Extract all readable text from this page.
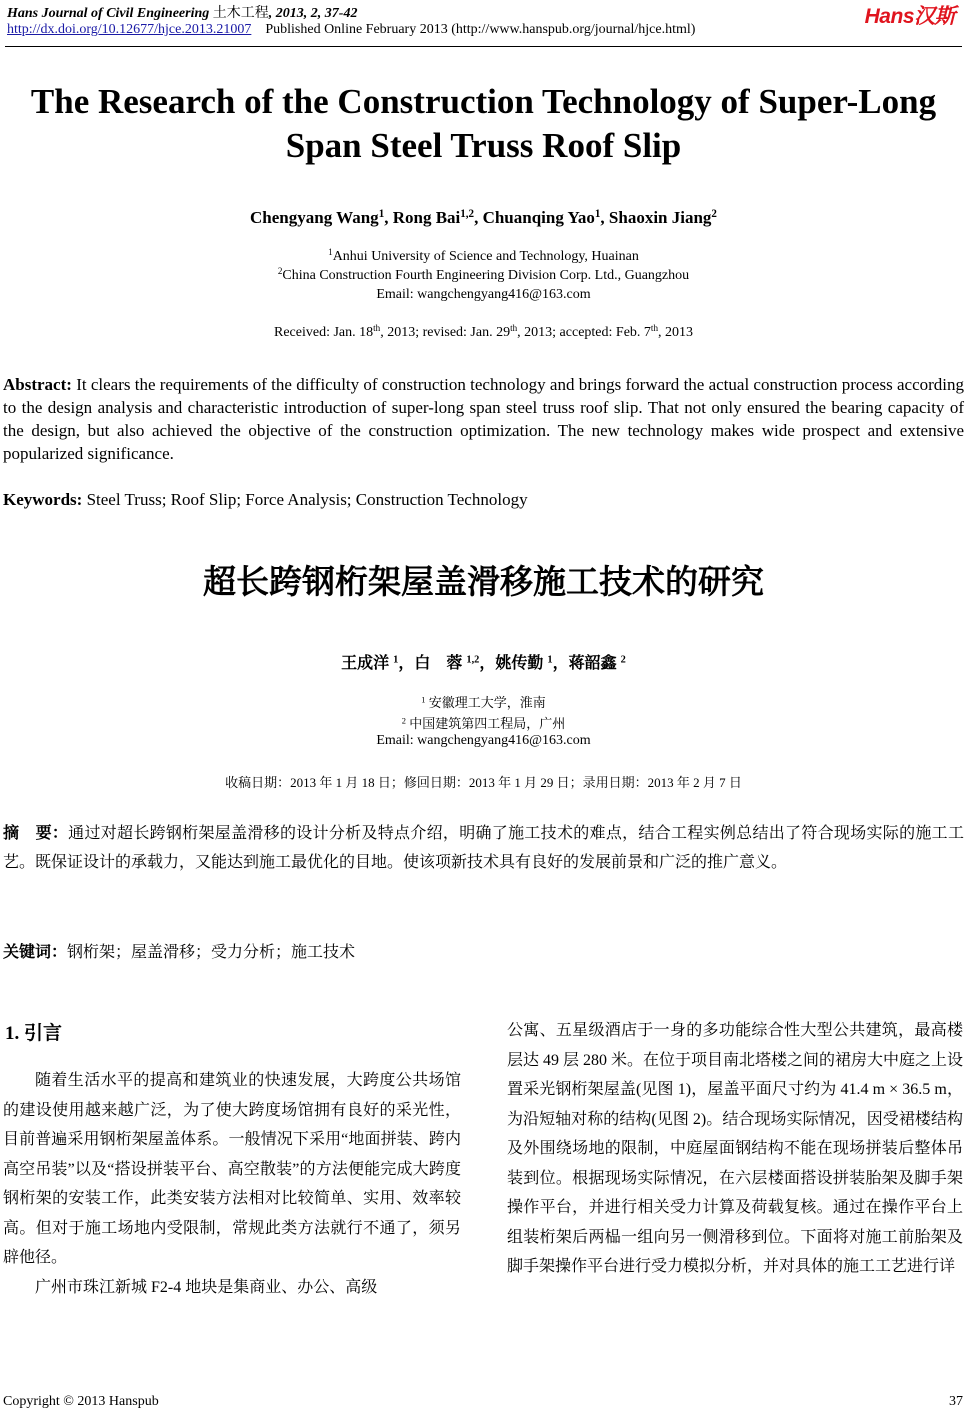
Hans Journal of Civil Engineering 土木工程, 2013, 2, 37-42
http://dx.doi.org/10.12677/hjce.2013.21007 Published Online February 2013 (http://www.hanspub.org/journal/hjce.html)
Hans汉斯
The Research of the Construction Technology of Super-Long Span Steel Truss Roof Slip
Chengyang Wang$^1$, Rong Bai$^{1,2}$, Chuanqing Yao$^1$, Shaoxin Jiang$^2$
$^1$Anhui University of Science and Technology, Huainan
$^2$China Construction Fourth Engineering Division Corp. Ltd., Guangzhou
Email: wangchengyang416@163.com
Received: Jan. 18th, 2013; revised: Jan. 29th, 2013; accepted: Feb. 7th, 2013
Abstract: It clears the requirements of the difficulty of construction technology and brings forward the actual construction process according to the design analysis and characteristic introduction of super-long span steel truss roof slip. That not only ensured the bearing capacity of the design, but also achieved the objective of the construction optimization. The new technology makes wide prospect and extensive popularized significance.
Keywords: Steel Truss; Roof Slip; Force Analysis; Construction Technology
超长跨钢桁架屋盖滑移施工技术的研究
王成洋 $^1$，白　蓉 $^{1,2}$，姚传勤 $^1$，蒋韶鑫 $^2$
$^1$ 安徽理工大学，淮南
$^2$ 中国建筑第四工程局，广州
Email: wangchengyang416@163.com
收稿日期：2013 年 1 月 18 日；修回日期：2013 年 1 月 29 日；录用日期：2013 年 2 月 7 日
摘　要：通过对超长跨钢桁架屋盖滑移的设计分析及特点介绍，明确了施工技术的难点，结合工程实例总结出了符合现场实际的施工工艺。既保证设计的承载力，又能达到施工最优化的目地。使该项新技术具有良好的发展前景和广泛的推广意义。
关键词：钢桁架；屋盖滑移；受力分析；施工技术
1. 引言

随着生活水平的提高和建筑业的快速发展，大跨度公共场馆的建设使用越来越广泛，为了使大跨度场馆拥有良好的采光性，目前普遍采用钢桁架屋盖体系。一般情况下采用“地面拼装、跨内高空吊装”以及“搭设拼装平台、高空散装”的方法便能完成大跨度钢桁架的安装工作，此类安装方法相对比较简单、实用、效率较高。但对于施工场地内受限制，常规此类方法就行不通了，须另辟他径。

广州市珠江新城 F2-4 地块是集商业、办公、高级

公寓、五星级酒店于一身的多功能综合性大型公共建筑，最高楼层达 49 层 280 米。在位于项目南北塔楼之间的裙房大中庭之上设置采光钢桁架屋盖(见图 1)，屋盖平面尺寸约为 41.4 m × 36.5 m，为沿短轴对称的结构(见图 2)。结合现场实际情况，因受裙楼结构及外围绕场地的限制，中庭屋面钢结构不能在现场拼装后整体吊装到位。根据现场实际情况，在六层楼面搭设拼装胎架及脚手架操作平台，并进行相关受力计算及荷载复核。通过在操作平台上组装桁架后两榀一组向另一侧滑移到位。下面将对施工前胎架及脚手架操作平台进行受力模拟分析，并对具体的施工工艺进行详

Copyright © 2013 Hanspub	37
